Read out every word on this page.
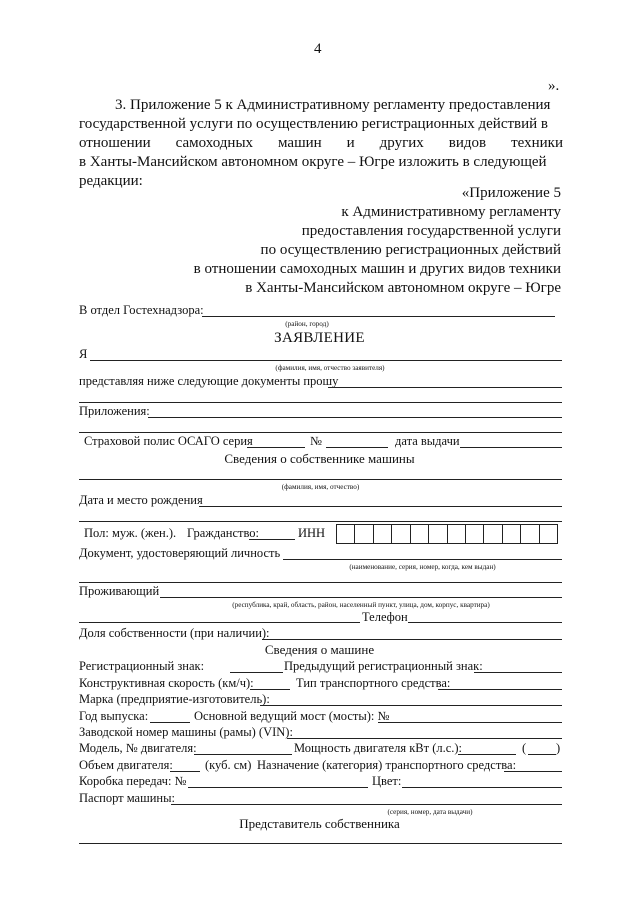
4
».
3. Приложение 5 к Административному регламенту предоставления
государственной услуги по осуществлению регистрационных действий в
отношении самоходных машин и других видов техники
в Ханты-Мансийском автономном округе – Югре изложить в следующей
редакции:
«Приложение 5
к Административному регламенту
предоставления государственной услуги
по осуществлению регистрационных действий
в отношении самоходных машин и других видов техники
в Ханты-Мансийском автономном округе – Югре
В отдел Гостехнадзора:
(район, город)
ЗАЯВЛЕНИЕ
Я
(фамилия, имя, отчество заявителя)
представляя ниже следующие документы прошу
Приложения:
Страховой полис ОСАГО серия	№	дата выдачи
Сведения о собственнике машины
(фамилия, имя, отчество)
Дата и место рождения
Пол: муж. (жен.). Гражданство:	ИНН
Документ, удостоверяющий личность
(наименование, серия, номер, когда, кем выдан)
Проживающий
(республика, край, область, район, населенный пункт, улица, дом, корпус, квартира)
Телефон
Доля собственности (при наличии):
Сведения о машине
Регистрационный знак:	Предыдущий регистрационный знак:
Конструктивная скорость (км/ч):	Тип транспортного средства:
Марка (предприятие-изготовитель):
Год выпуска:	Основной ведущий мост (мосты): №
Заводской номер машины (рамы) (VIN):
Модель, № двигателя:	Мощность двигателя кВт (л.с.):	( )
Объем двигателя:	(куб. см) Назначение (категория) транспортного средства:
Коробка передач: №	Цвет:
Паспорт машины:
(серия, номер, дата выдачи)
Представитель собственника
